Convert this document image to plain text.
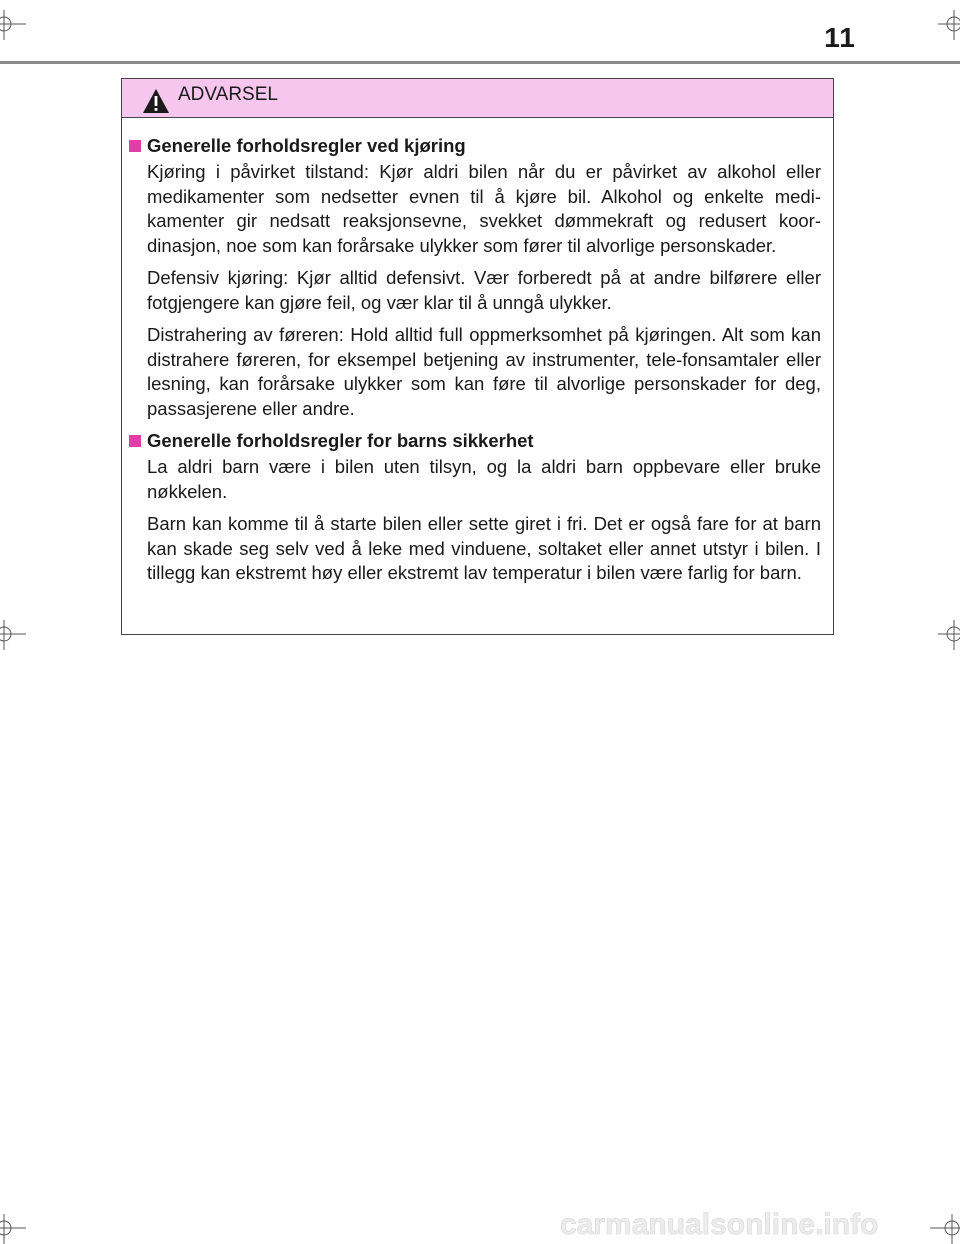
11
ADVARSEL
Generelle forholdsregler ved kjøring

Kjøring i påvirket tilstand: Kjør aldri bilen når du er påvirket av alkohol eller medikamenter som nedsetter evnen til å kjøre bil. Alkohol og enkelte medi-kamenter gir nedsatt reaksjonsevne, svekket dømmekraft og redusert koor-dinasjon, noe som kan forårsake ulykker som fører til alvorlige personskader.

Defensiv kjøring: Kjør alltid defensivt. Vær forberedt på at andre bilførere eller fotgjengere kan gjøre feil, og vær klar til å unngå ulykker.

Distrahering av føreren: Hold alltid full oppmerksomhet på kjøringen. Alt som kan distrahere føreren, for eksempel betjening av instrumenter, tele-fonsamtaler eller lesning, kan forårsake ulykker som kan føre til alvorlige personskader for deg, passasjerene eller andre.

Generelle forholdsregler for barns sikkerhet

La aldri barn være i bilen uten tilsyn, og la aldri barn oppbevare eller bruke nøkkelen.

Barn kan komme til å starte bilen eller sette giret i fri. Det er også fare for at barn kan skade seg selv ved å leke med vinduene, soltaket eller annet utstyr i bilen. I tillegg kan ekstremt høy eller ekstremt lav temperatur i bilen være farlig for barn.

carmanualsonline.info
